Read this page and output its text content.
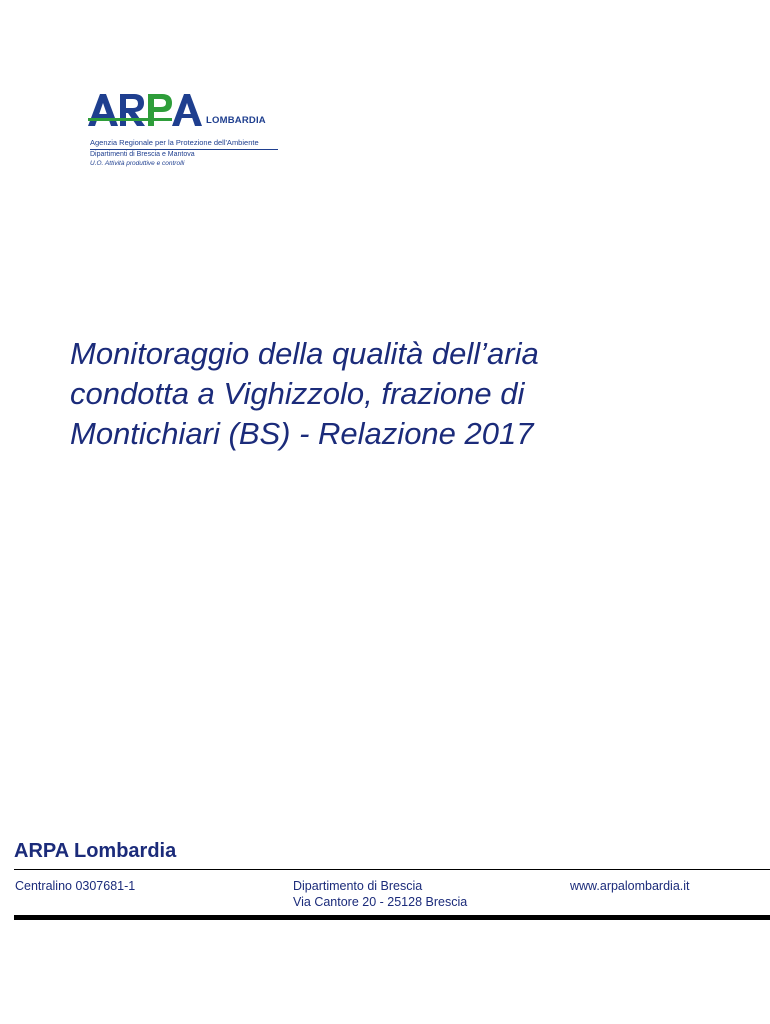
LOMBARDIA
Agenzia Regionale per la Protezione dell'Ambiente
Dipartimenti di Brescia e Mantova
U.O. Attività produttive e controlli
Monitoraggio della qualità dell’aria
condotta a Vighizzolo, frazione di
Montichiari (BS) - Relazione 2017
ARPA Lombardia
Centralino 0307681-1	Dipartimento di Brescia
Via Cantore 20 - 25128 Brescia
www.arpalombardia.it
